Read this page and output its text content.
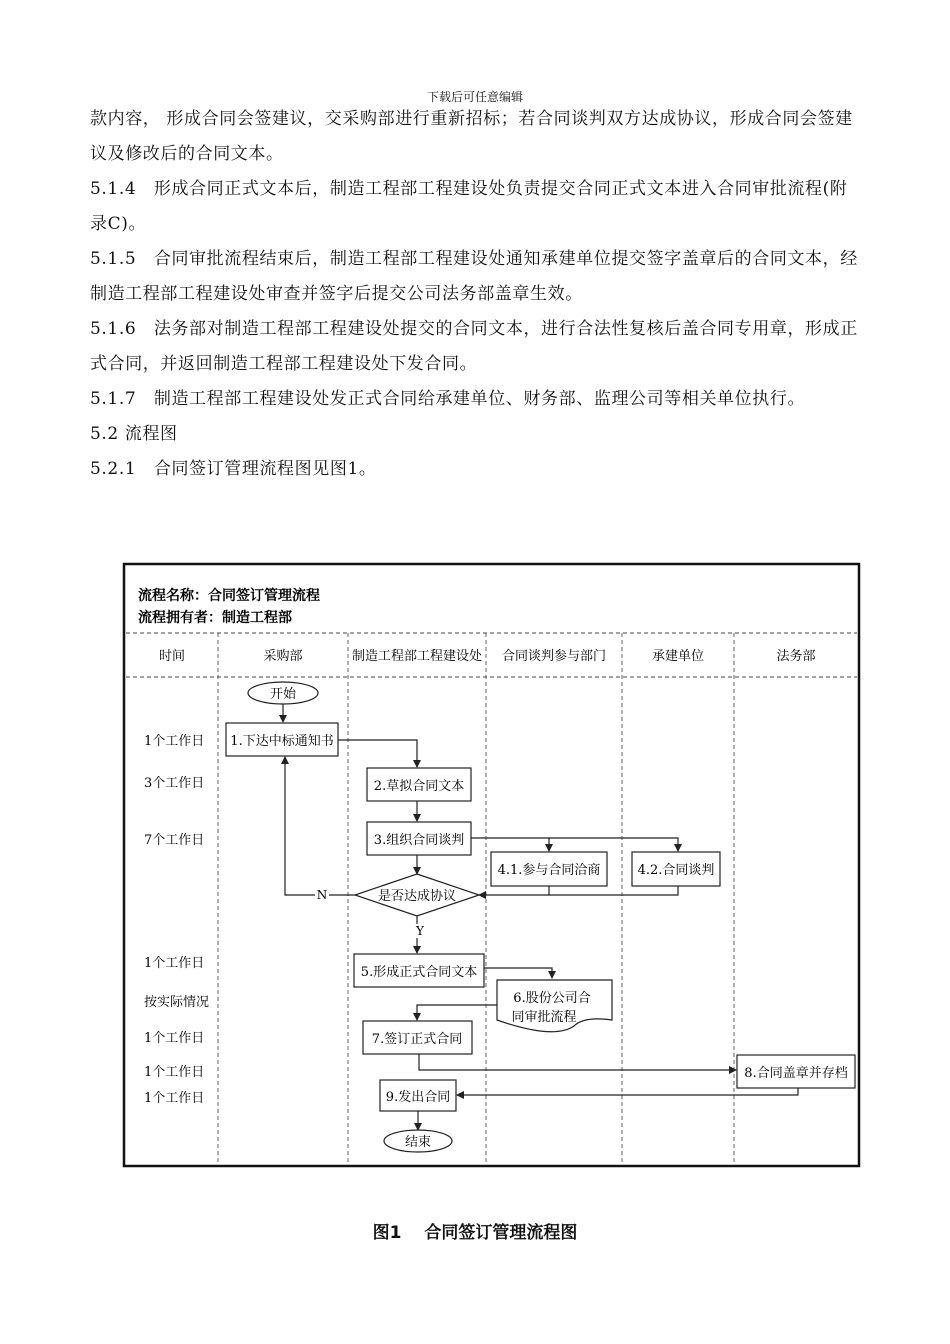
下载后可任意编辑

款内容， 形成合同会签建议，交采购部进行重新招标；若合同谈判双方达成协议，形成合同会签建议及修改后的合同文本。

5.1.4　形成合同正式文本后，制造工程部工程建设处负责提交合同正式文本进入合同审批流程(附录C)。

5.1.5　合同审批流程结束后，制造工程部工程建设处通知承建单位提交签字盖章后的合同文本，经制造工程部工程建设处审查并签字后提交公司法务部盖章生效。

5.1.6　法务部对制造工程部工程建设处提交的合同文本，进行合法性复核后盖合同专用章，形成正式合同，并返回制造工程部工程建设处下发合同。

5.1.7　制造工程部工程建设处发正式合同给承建单位、财务部、监理公司等相关单位执行。

5.2 流程图

5.2.1　合同签订管理流程图见图1。

流程名称：合同签订管理流程
流程拥有者：制造工程部
时间	采购部	制造工程部工程建设处 合同谈判参与部门	承建单位	法务部
1个工作日
3个工作日
7个工作日
1个工作日
按实际情况
1个工作日
1个工作日
1个工作日
开始
1.下达中标通知书
2.草拟合同文本
3.组织合同谈判
4.1.参与合同洽商	4.2.合同谈判
是否达成协议
N
Y
5.形成正式合同文本
6.股份公司合
同审批流程
7.签订正式合同
8.合同盖章并存档
9.发出合同
结束
图1　 合同签订管理流程图
